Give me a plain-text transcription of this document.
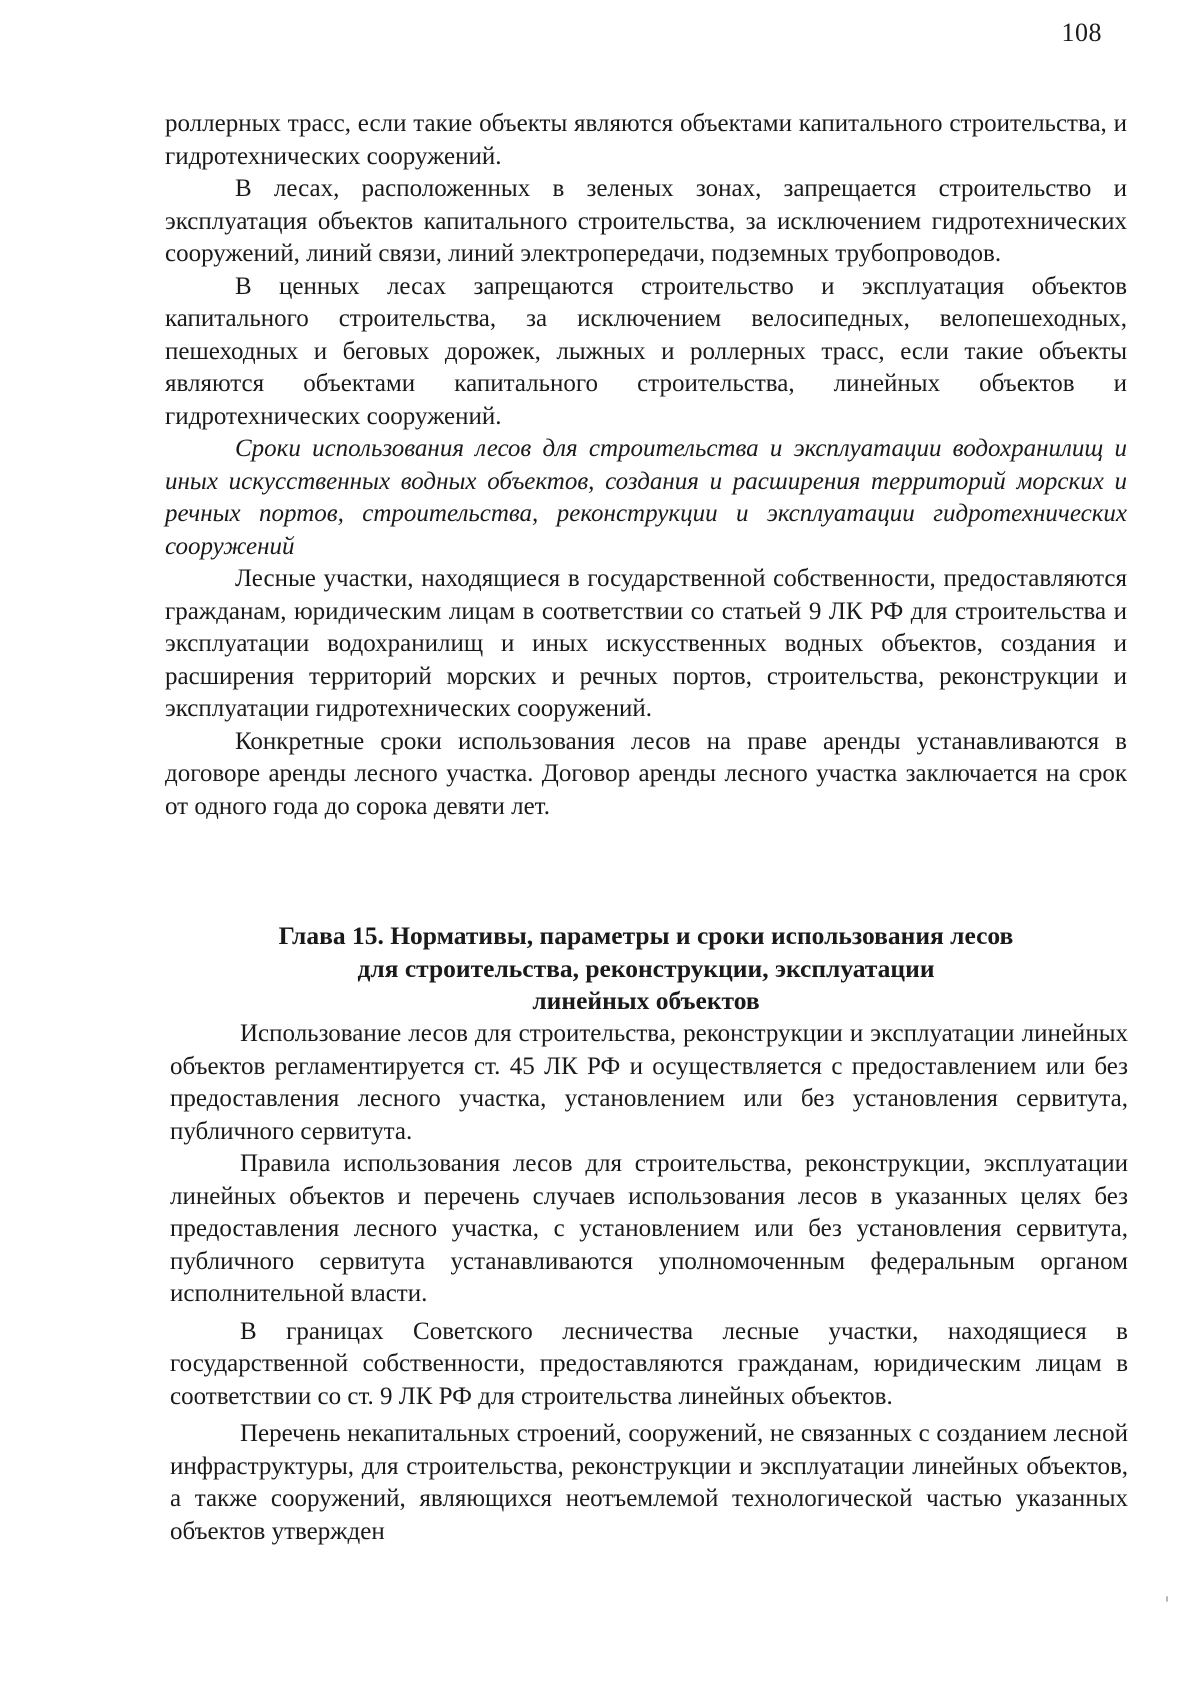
108

роллерных трасс, если такие объекты являются объектами капитального строительства, и гидротехнических сооружений.

В лесах, расположенных в зеленых зонах, запрещается строительство и эксплуатация объектов капитального строительства, за исключением гидротехнических сооружений, линий связи, линий электропередачи, подземных трубопроводов.

В ценных лесах запрещаются строительство и эксплуатация объектов капитального строительства, за исключением велосипедных, велопешеходных, пешеходных и беговых дорожек, лыжных и роллерных трасс, если такие объекты являются объектами капитального строительства, линейных объектов и гидротехнических сооружений.

Сроки использования лесов для строительства и эксплуатации водохранилищ и иных искусственных водных объектов, создания и расширения территорий морских и речных портов, строительства, реконструкции и эксплуатации гидротехнических сооружений

Лесные участки, находящиеся в государственной собственности, предоставляются гражданам, юридическим лицам в соответствии со статьей 9 ЛК РФ для строительства и эксплуатации водохранилищ и иных искусственных водных объектов, создания и расширения территорий морских и речных портов, строительства, реконструкции и эксплуатации гидротехнических сооружений.

Конкретные сроки использования лесов на праве аренды устанавливаются в договоре аренды лесного участка. Договор аренды лесного участка заключается на срок от одного года до сорока девяти лет.

Глава 15. Нормативы, параметры и сроки использования лесов
для строительства, реконструкции, эксплуатации
линейных объектов

Использование лесов для строительства, реконструкции и эксплуатации линейных объектов регламентируется ст. 45 ЛК РФ и осуществляется с предоставлением или без предоставления лесного участка, установлением или без установления сервитута, публичного сервитута.

Правила использования лесов для строительства, реконструкции, эксплуатации линейных объектов и перечень случаев использования лесов в указанных целях без предоставления лесного участка, с установлением или без установления сервитута, публичного сервитута устанавливаются уполномоченным федеральным органом исполнительной власти.

В границах Советского лесничества лесные участки, находящиеся в государственной собственности, предоставляются гражданам, юридическим лицам в соответствии со ст. 9 ЛК РФ для строительства линейных объектов.

Перечень некапитальных строений, сооружений, не связанных с созданием лесной инфраструктуры, для строительства, реконструкции и эксплуатации линейных объектов, а также сооружений, являющихся неотъемлемой технологической частью указанных объектов утвержден
